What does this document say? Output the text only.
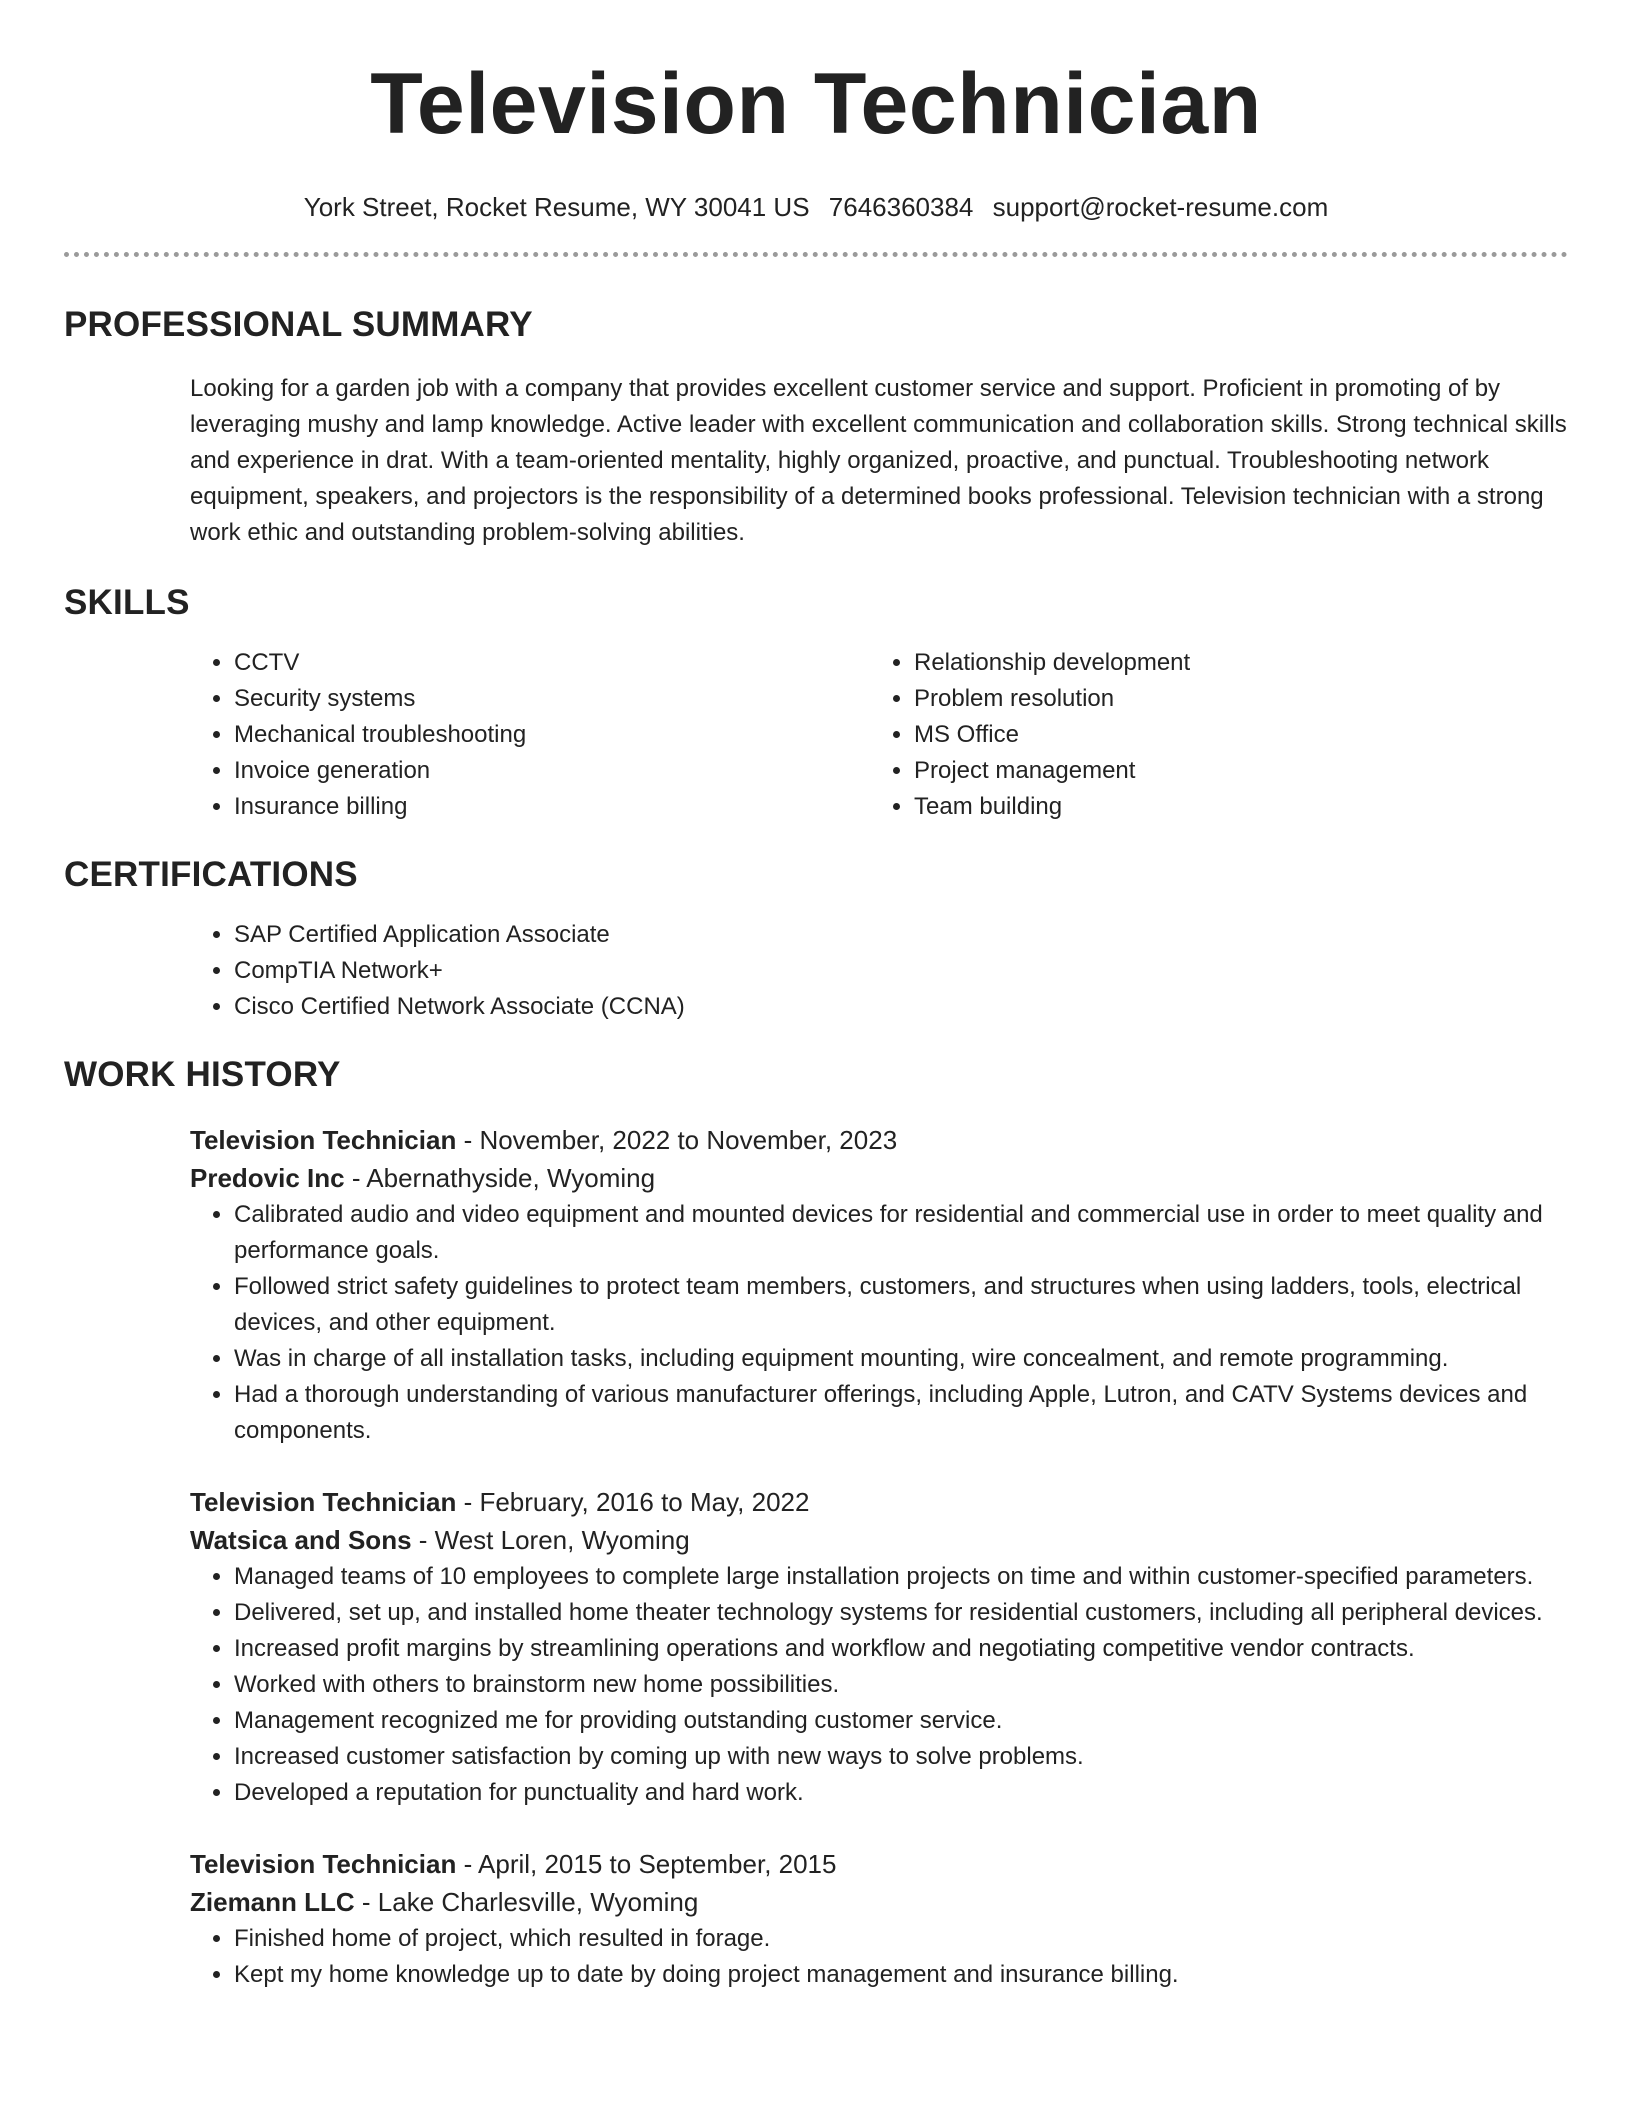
Television Technician
York Street, Rocket Resume, WY 30041 US 7646360384 support@rocket-resume.com
PROFESSIONAL SUMMARY
Looking for a garden job with a company that provides excellent customer service and support. Proficient in promoting of by leveraging mushy and lamp knowledge. Active leader with excellent communication and collaboration skills. Strong technical skills and experience in drat. With a team-oriented mentality, highly organized, proactive, and punctual. Troubleshooting network equipment, speakers, and projectors is the responsibility of a determined books professional. Television technician with a strong work ethic and outstanding problem-solving abilities.
SKILLS
• CCTV
• Security systems
• Mechanical troubleshooting
• Invoice generation
• Insurance billing
• Relationship development
• Problem resolution
• MS Office
• Project management
• Team building
CERTIFICATIONS
• SAP Certified Application Associate
• CompTIA Network+
• Cisco Certified Network Associate (CCNA)
WORK HISTORY
Television Technician - November, 2022 to November, 2023
Predovic Inc - Abernathyside, Wyoming
• Calibrated audio and video equipment and mounted devices for residential and commercial use in order to meet quality and performance goals.
• Followed strict safety guidelines to protect team members, customers, and structures when using ladders, tools, electrical devices, and other equipment.
• Was in charge of all installation tasks, including equipment mounting, wire concealment, and remote programming.
• Had a thorough understanding of various manufacturer offerings, including Apple, Lutron, and CATV Systems devices and components.
Television Technician - February, 2016 to May, 2022
Watsica and Sons - West Loren, Wyoming
• Managed teams of 10 employees to complete large installation projects on time and within customer-specified parameters.
• Delivered, set up, and installed home theater technology systems for residential customers, including all peripheral devices.
• Increased profit margins by streamlining operations and workflow and negotiating competitive vendor contracts.
• Worked with others to brainstorm new home possibilities.
• Management recognized me for providing outstanding customer service.
• Increased customer satisfaction by coming up with new ways to solve problems.
• Developed a reputation for punctuality and hard work.
Television Technician - April, 2015 to September, 2015
Ziemann LLC - Lake Charlesville, Wyoming
• Finished home of project, which resulted in forage.
• Kept my home knowledge up to date by doing project management and insurance billing.
